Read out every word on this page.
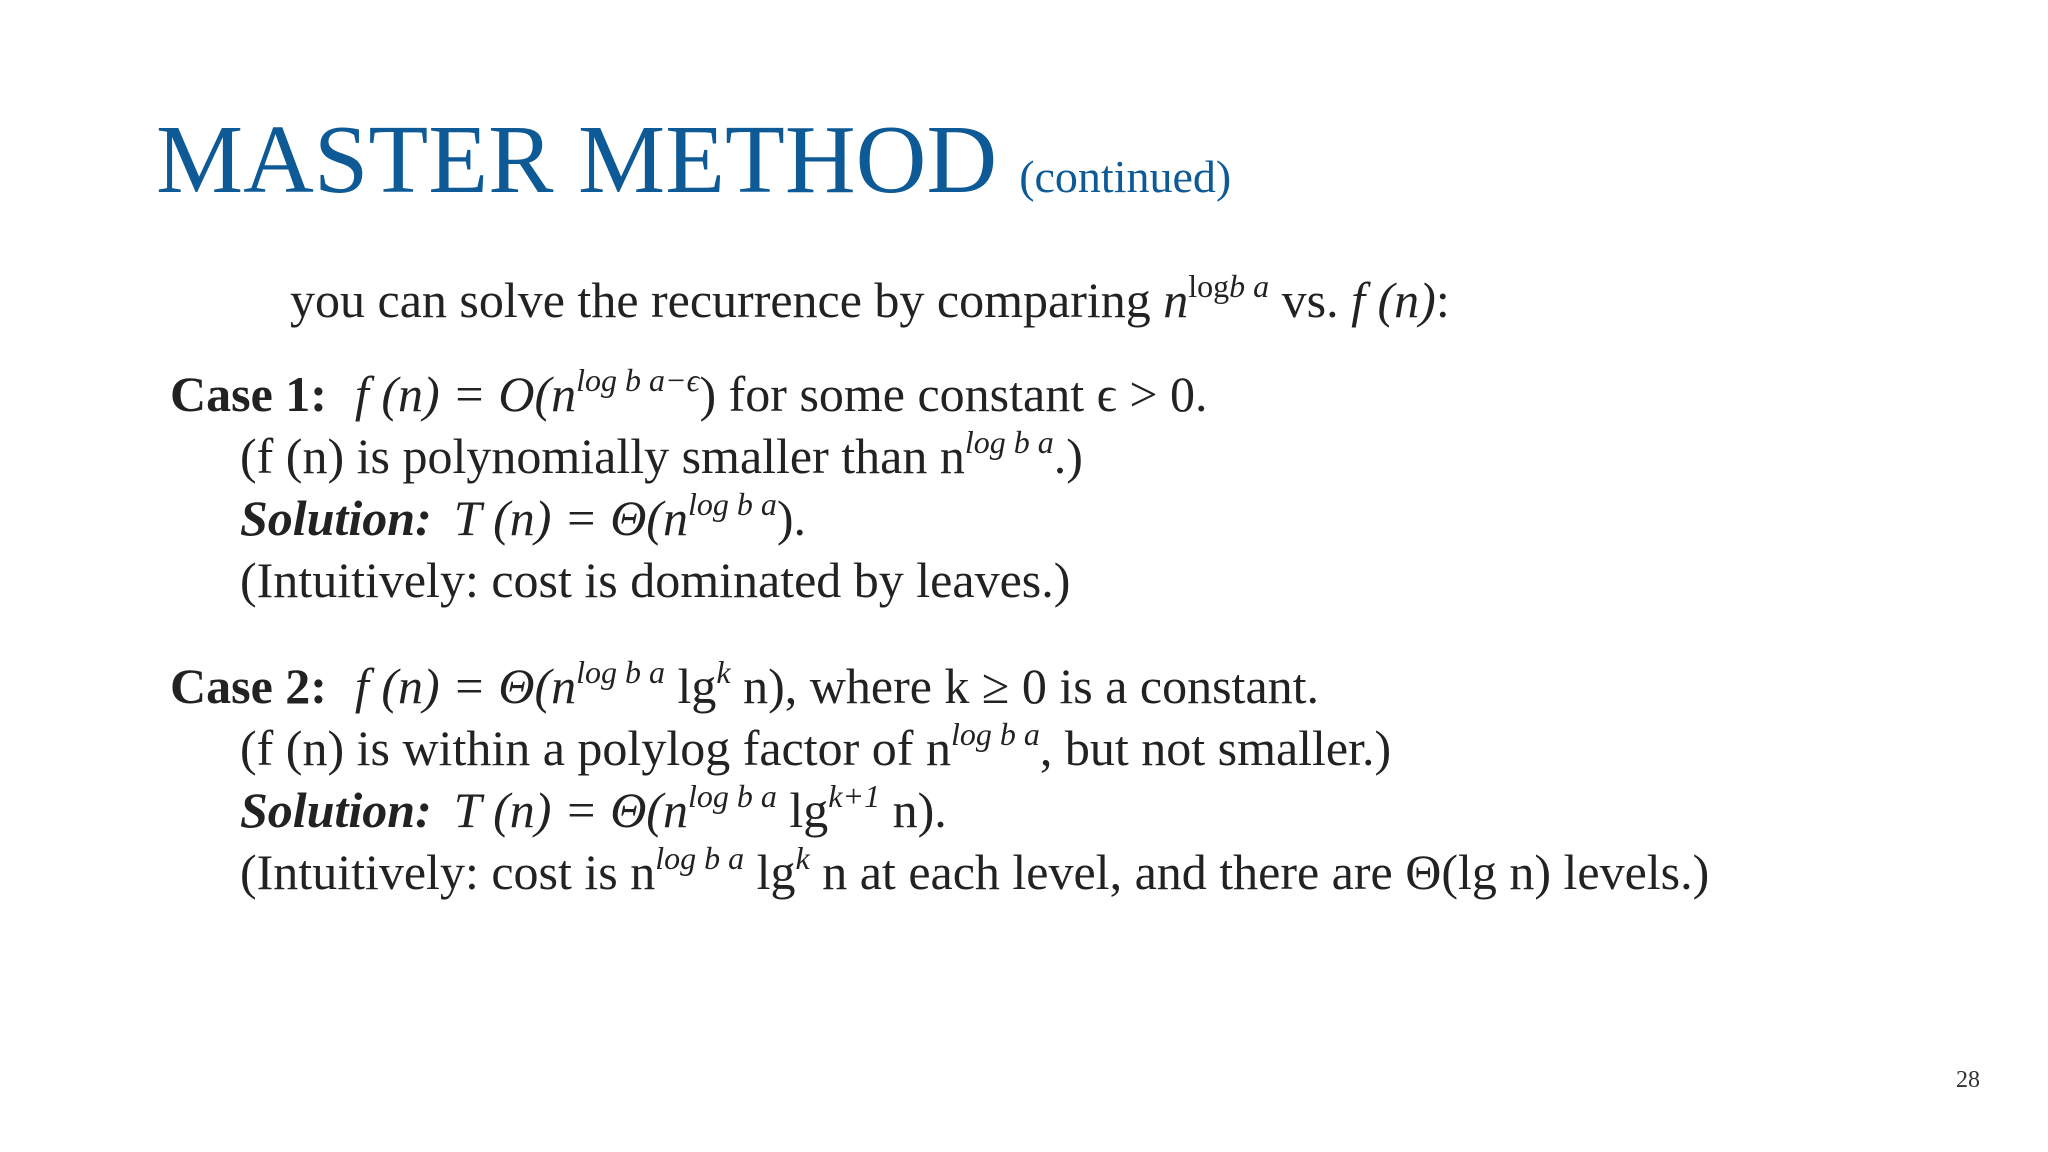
MASTER METHOD (continued)
you can solve the recurrence by comparing $n^{logb a}$ vs. f (n):
Case 1: f $(n) = O(n^{log b a-\epsilon})$ for some constant ϵ > 0.
(f (n) is polynomially smaller than $n^{log b a}$.)
Solution: T $(n) = \Theta(n^{log b a})$.
(Intuitively: cost is dominated by leaves.)
Case 2: f $(n) = \Theta(n^{log b a}$ $\lg^k n$), where k ≥ 0 is a constant.
(f (n) is within a polylog factor of $n^{log b a}$, but not smaller.)
Solution: T $(n) = \Theta(n^{log b a}$ $\lg^{k+1} n$).
(Intuitively: cost is $n^{log b a}$ $\lg^k n$ at each level, and there are Θ(lg n) levels.)
28
